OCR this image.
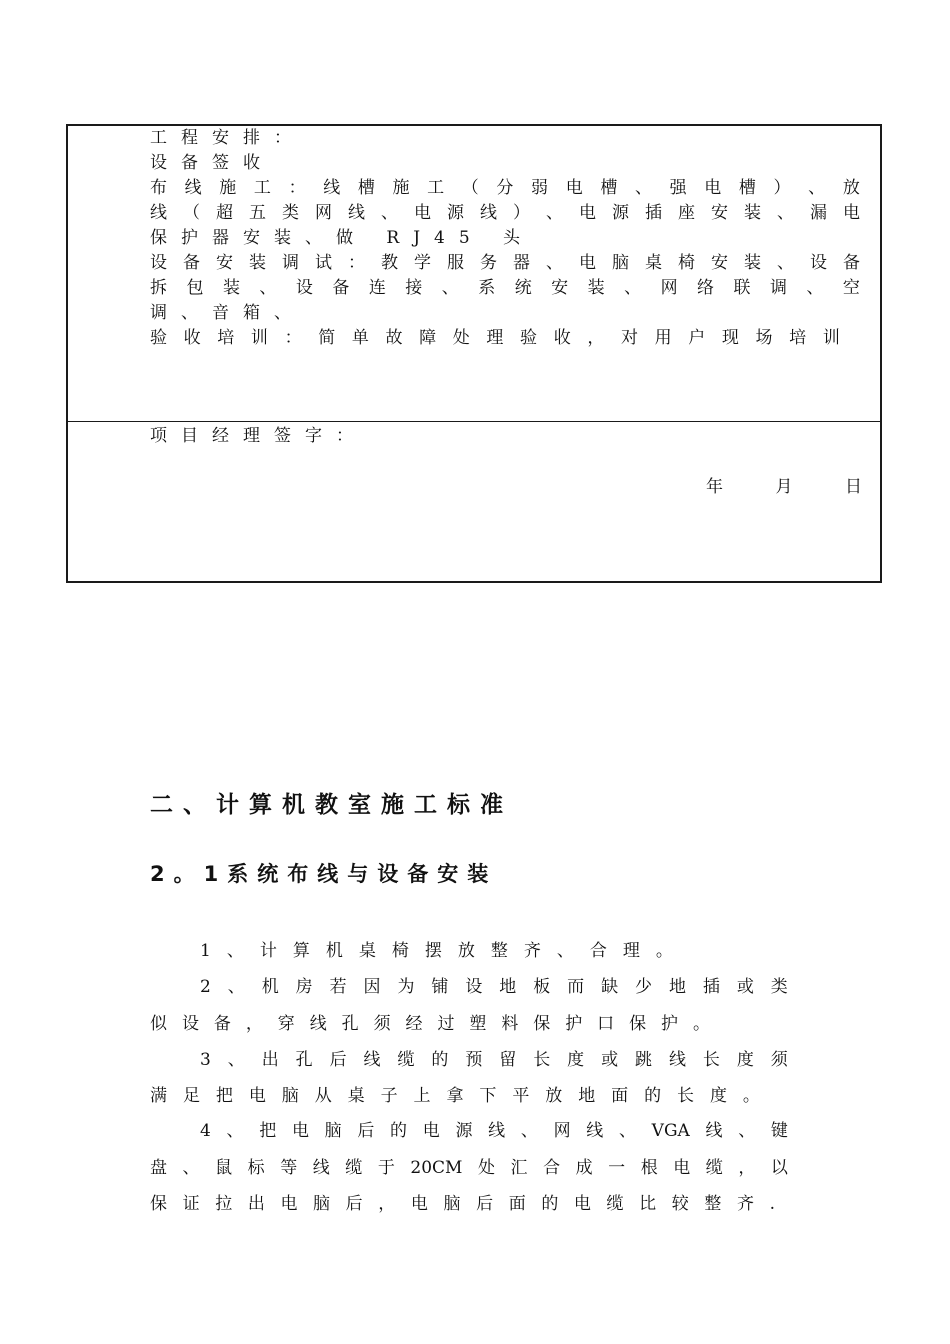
工程安排：
设备签收
布 线 施 工 ： 线 槽 施 工 （ 分 弱 电 槽 、 强 电 槽 ） 、 放
线 （ 超 五 类 网 线 、 电 源 线 ） 、 电 源 插 座 安 装 、 漏 电
保护器安装、做 RJ45 头
设 备 安 装 调 试 ： 教 学 服 务 器 、 电 脑 桌 椅 安 装 、 设 备
拆 包 装 、 设 备 连 接 、 系 统 安 装 、 网 络 联 调 、 空
调、音箱、
验 收 培 训 ： 简 单 故 障 处 理 验 收 ， 对 用 户 现 场 培 训
项目经理签字：
年	月	日
二、计算机教室施工标准
2。1系统布线与设备安装
1、计算机桌椅摆放整齐、合理。
2 、 机 房 若 因 为 铺 设 地 板 而 缺 少 地 插 或 类
似 设 备 ， 穿 线 孔 须 经 过 塑 料 保 护 口 保 护 。
3 、 出 孔 后 线 缆 的 预 留 长 度 或 跳 线 长 度 须
满 足 把 电 脑 从 桌 子 上 拿 下 平 放 地 面 的 长 度 。
4 、 把 电 脑 后 的 电 源 线 、 网 线 、 VGA 线 、 键
盘 、 鼠 标 等 线 缆 于 20CM 处 汇 合 成 一 根 电 缆 ， 以
保 证 拉 出 电 脑 后 ， 电 脑 后 面 的 电 缆 比 较 整 齐 .
